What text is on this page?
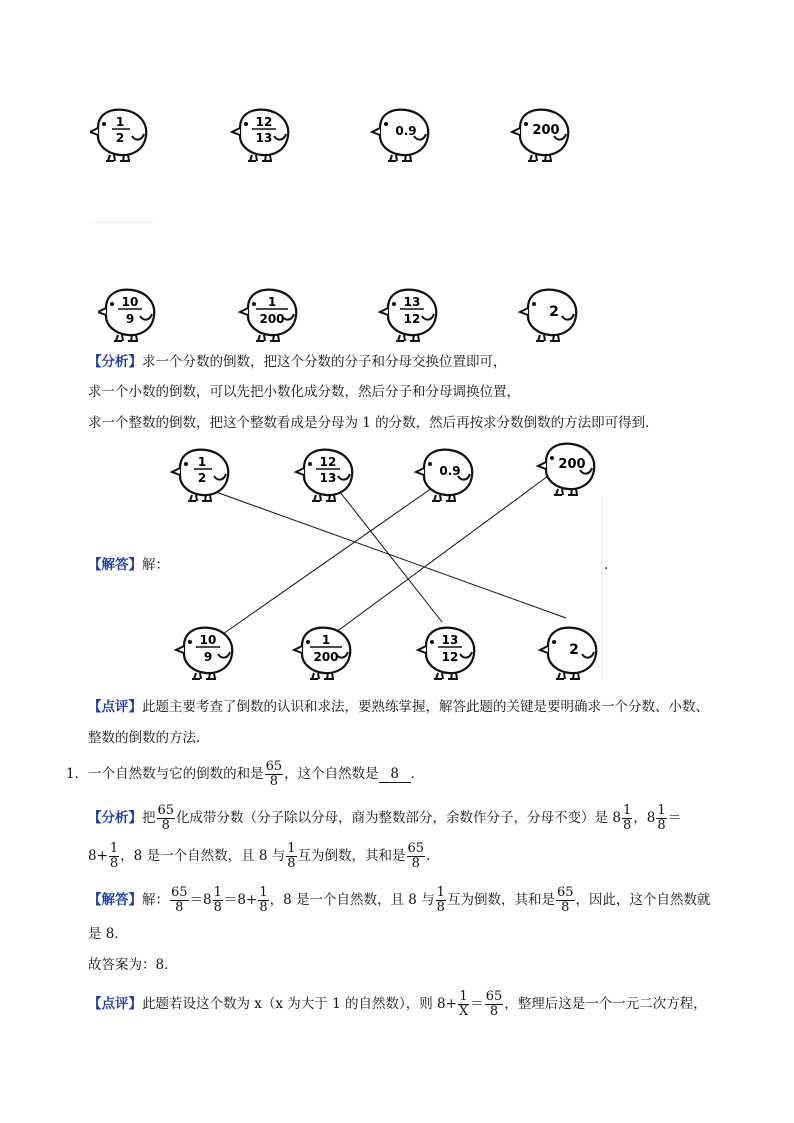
1
2
12
13	0.9	200
10
9
1
200
13
12	2
【分析】求一个分数的倒数，把这个分数的分子和分母交换位置即可，
求一个小数的倒数，可以先把小数化成分数，然后分子和分母调换位置，
求一个整数的倒数，把这个整数看成是分母为 1 的分数，然后再按求分数倒数的方法即可得到．
1
2
12
13	0.9	200
10
9
1
200
13
12	2
【解答】解：	.
【点评】此题主要考查了倒数的认识和求法，要熟练掌握，解答此题的关键是要明确求一个分数、小数、
整数的倒数的方法．
1．一个自然数与它的倒数的和是 $\frac{65}{8}$ ，这个自然数是 8 ．
【分析】把 $\frac{65}{8}$ 化成带分数（分子除以分母，商为整数部分，余数作分子，分母不变）是 $8 \frac{1}{8}$ ，$8 \frac{1}{8}$ ＝
$8+ \frac{1}{8}$ ，8 是一个自然数，且 8 与 $\frac{1}{8}$ 互为倒数，其和是 $\frac{65}{8}$ .
【解答】解： $\frac{65}{8} =8 \frac{1}{8} =8+ \frac{1}{8}$ ，8 是一个自然数，且 8 与 $\frac{1}{8}$ 互为倒数，其和是 $\frac{65}{8}$ ，因此，这个自然数就
是 8．
故答案为：8．
【点评】此题若设这个数为 x（x 为大于 1 的自然数），则 $8+ \frac{1}{X} = \frac{65}{8}$ ，整理后这是一个一元二次方程，
